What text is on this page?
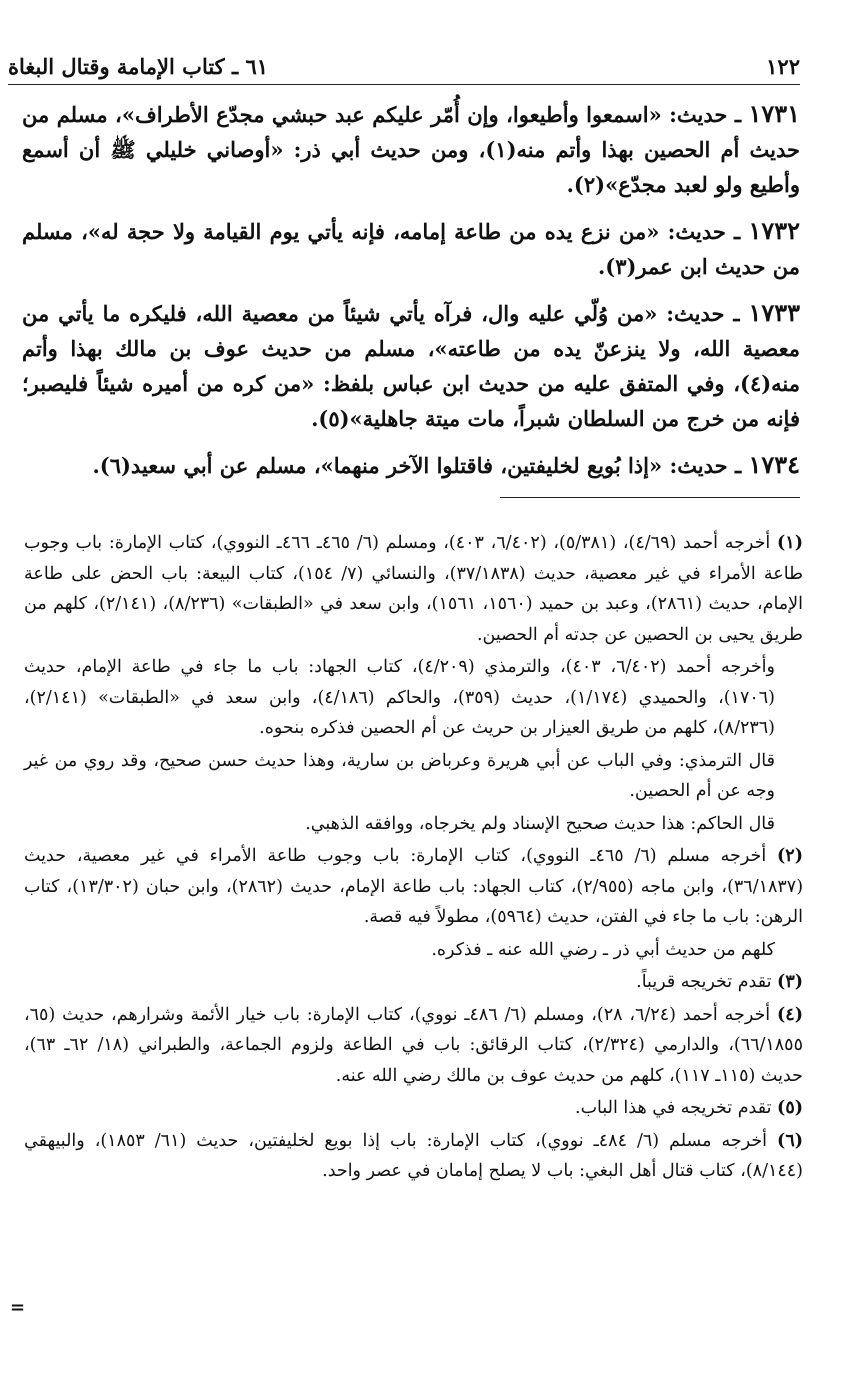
١٢٢
٦١ ـ كتاب الإمامة وقتال البغاة

١٧٣١ ـ حديث: «اسمعوا وأطيعوا، وإن أُمّر عليكم عبد حبشي مجدّع الأطراف»، مسلم من حديث أم الحصين بهذا وأتم منه(١)، ومن حديث أبي ذر: «أوصاني خليلي ﷺ أن أسمع وأطيع ولو لعبد مجدّع»(٢).

١٧٣٢ ـ حديث: «من نزع يده من طاعة إمامه، فإنه يأتي يوم القيامة ولا حجة له»، مسلم من حديث ابن عمر(٣).

١٧٣٣ ـ حديث: «من وُلّي عليه وال، فرآه يأتي شيئاً من معصية الله، فليكره ما يأتي من معصية الله، ولا ينزعنّ يده من طاعته»، مسلم من حديث عوف بن مالك بهذا وأتم منه(٤)، وفي المتفق عليه من حديث ابن عباس بلفظ: «من كره من أميره شيئاً فليصبر؛ فإنه من خرج من السلطان شبراً، مات ميتة جاهلية»(٥).

١٧٣٤ ـ حديث: «إذا بُويع لخليفتين، فاقتلوا الآخر منهما»، مسلم عن أبي سعيد(٦).

(١) أخرجه أحمد (٤/٦٩)، (٥/٣٨١)، (٦/٤٠٢، ٤٠٣)، ومسلم (٦/ ٤٦٥ـ ٤٦٦ـ النووي)، كتاب الإمارة: باب وجوب طاعة الأمراء في غير معصية، حديث (٣٧/١٨٣٨)، والنسائي (٧/ ١٥٤)، كتاب البيعة: باب الحض على طاعة الإمام، حديث (٢٨٦١)، وعبد بن حميد (١٥٦٠، ١٥٦١)، وابن سعد في «الطبقات» (٨/٢٣٦)، (٢/١٤١)، كلهم من طريق يحيى بن الحصين عن جدته أم الحصين.

وأخرجه أحمد (٦/٤٠٢، ٤٠٣)، والترمذي (٤/٢٠٩)، كتاب الجهاد: باب ما جاء في طاعة الإمام، حديث (١٧٠٦)، والحميدي (١/١٧٤)، حديث (٣٥٩)، والحاكم (٤/١٨٦)، وابن سعد في «الطبقات» (٢/١٤١)، (٨/٢٣٦)، كلهم من طريق العيزار بن حريث عن أم الحصين فذكره بنحوه.

قال الترمذي: وفي الباب عن أبي هريرة وعرباض بن سارية، وهذا حديث حسن صحيح، وقد روي من غير وجه عن أم الحصين.

قال الحاكم: هذا حديث صحيح الإسناد ولم يخرجاه، ووافقه الذهبي.

(٢) أخرجه مسلم (٦/ ٤٦٥ـ النووي)، كتاب الإمارة: باب وجوب طاعة الأمراء في غير معصية، حديث (٣٦/١٨٣٧)، وابن ماجه (٢/٩٥٥)، كتاب الجهاد: باب طاعة الإمام، حديث (٢٨٦٢)، وابن حبان (١٣/٣٠٢)، كتاب الرهن: باب ما جاء في الفتن، حديث (٥٩٦٤)، مطولاً فيه قصة.

كلهم من حديث أبي ذر ـ رضي الله عنه ـ فذكره.

(٣) تقدم تخريجه قريباً.

(٤) أخرجه أحمد (٦/٢٤، ٢٨)، ومسلم (٦/ ٤٨٦ـ نووي)، كتاب الإمارة: باب خيار الأئمة وشرارهم، حديث (٦٥، ٦٦/١٨٥٥)، والدارمي (٢/٣٢٤)، كتاب الرقائق: باب في الطاعة ولزوم الجماعة، والطبراني (١٨/ ٦٢ـ ٦٣)، حديث (١١٥ـ ١١٧)، كلهم من حديث عوف بن مالك رضي الله عنه.

(٥) تقدم تخريجه في هذا الباب.

(٦) أخرجه مسلم (٦/ ٤٨٤ـ نووي)، كتاب الإمارة: باب إذا بويع لخليفتين، حديث (٦١/ ١٨٥٣)، والبيهقي (٨/١٤٤)، كتاب قتال أهل البغي: باب لا يصلح إمامان في عصر واحد.

=
